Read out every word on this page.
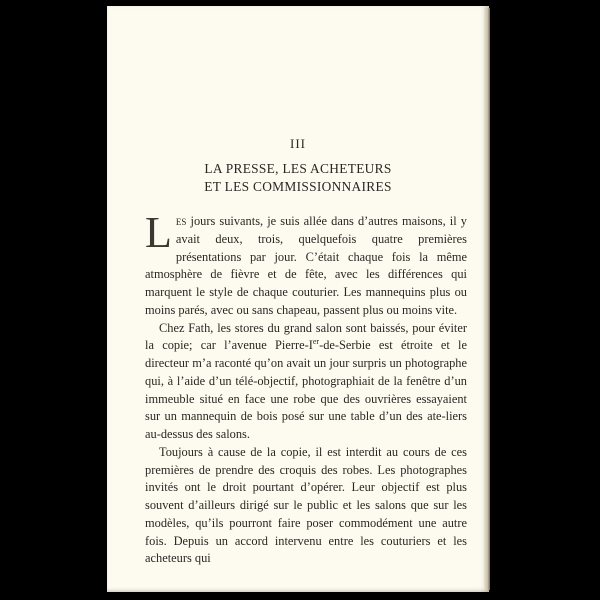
III
LA PRESSE, LES ACHETEURS
ET LES COMMISSIONNAIRES

Les jours suivants, je suis allée dans d’autres maisons, il y avait deux, trois, quelquefois quatre premières présentations par jour. C’était chaque fois la même atmosphère de fièvre et de fête, avec les différences qui marquent le style de chaque couturier. Les mannequins plus ou moins parés, avec ou sans chapeau, passent plus ou moins vite.

Chez Fath, les stores du grand salon sont baissés, pour éviter la copie; car l’avenue Pierre-Ier-de-Serbie est étroite et le directeur m’a raconté qu’on avait un jour surpris un photographe qui, à l’aide d’un télé-objectif, photographiait de la fenêtre d’un immeuble situé en face une robe que des ouvrières essayaient sur un mannequin de bois posé sur une table d’un des ate-liers au-dessus des salons.

Toujours à cause de la copie, il est interdit au cours de ces premières de prendre des croquis des robes. Les photographes invités ont le droit pourtant d’opérer. Leur objectif est plus souvent d’ailleurs dirigé sur le public et les salons que sur les modèles, qu’ils pourront faire poser commodément une autre fois. Depuis un accord intervenu entre les couturiers et les acheteurs qui
